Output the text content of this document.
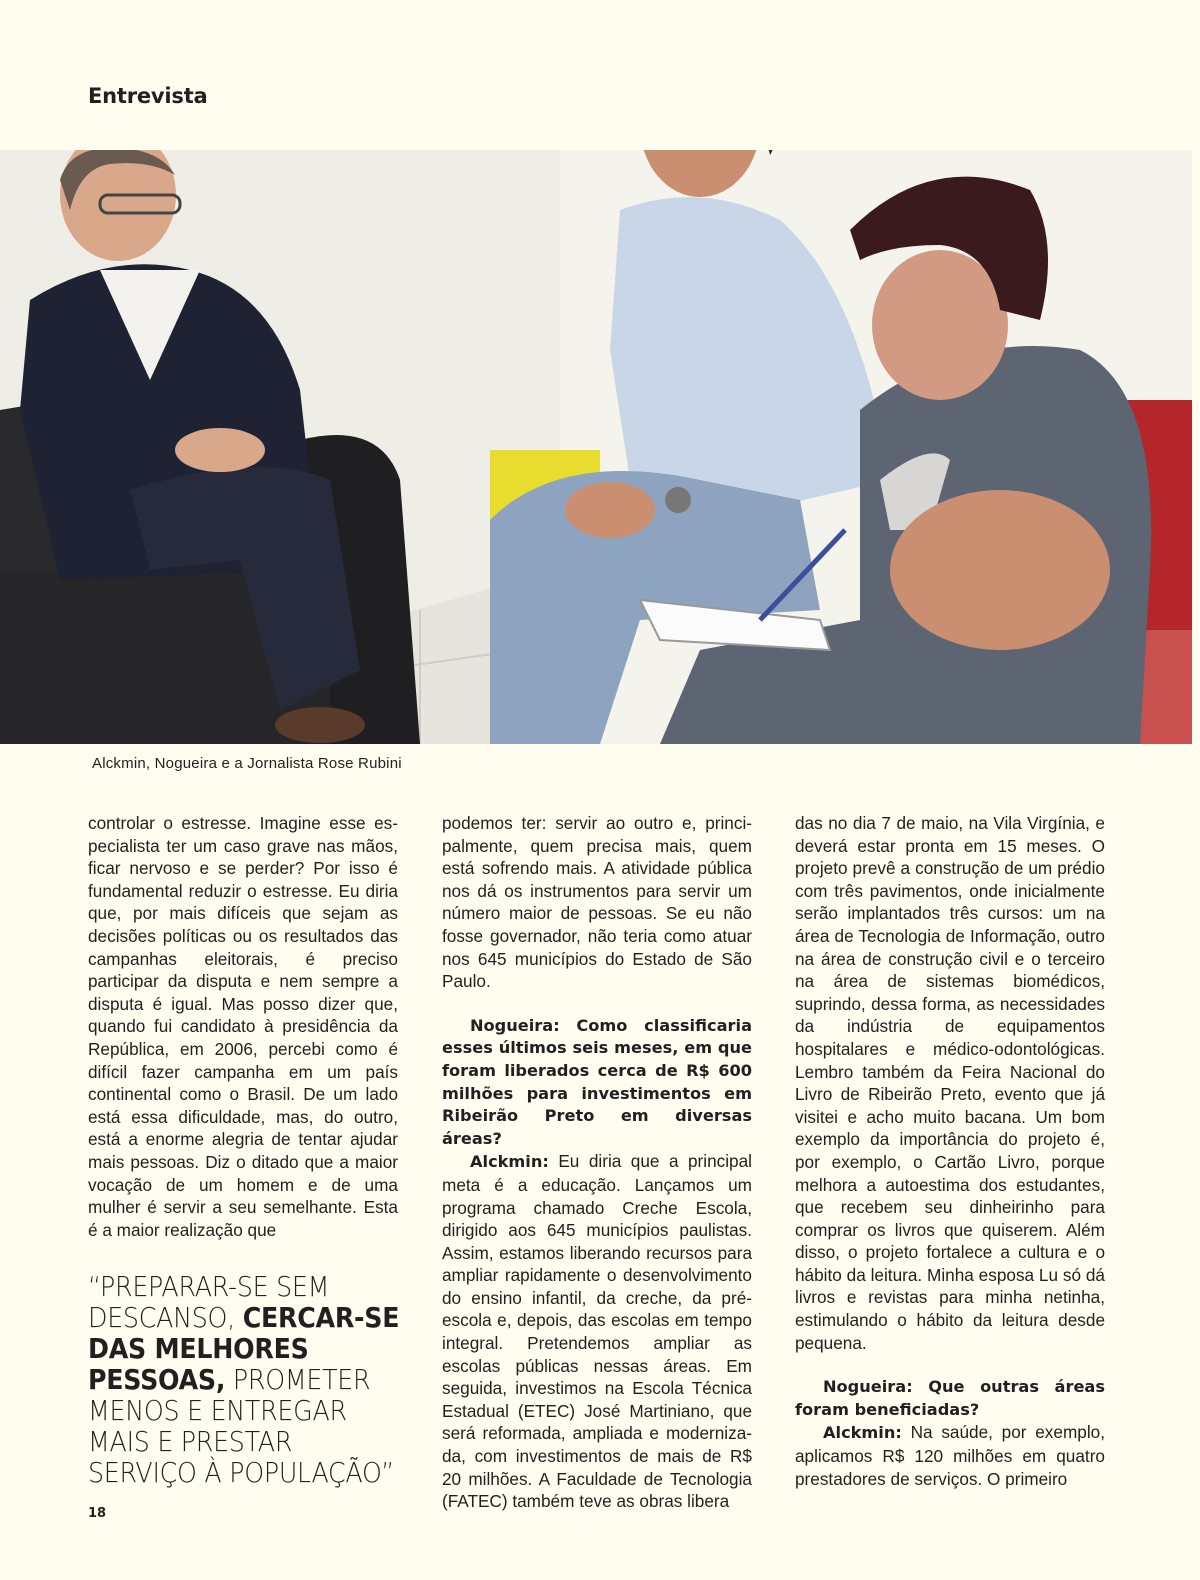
Entrevista
Alckmin, Nogueira e a Jornalista Rose Rubini

controlar o estresse. Imagine esse especialista ter um caso grave nas mãos, ficar nervoso e se perder? Por isso é fundamental reduzir o estresse. Eu diria que, por mais difíceis que sejam as decisões políticas ou os resultados das campanhas eleitorais, é preciso participar da disputa e nem sempre a disputa é igual. Mas posso dizer que, quando fui candidato à presidência da República, em 2006, percebi como é difícil fazer campanha em um país continental como o Brasil. De um lado está essa dificuldade, mas, do outro, está a enorme alegria de tentar ajudar mais pessoas. Diz o ditado que a maior vocação de um homem e de uma mulher é servir a seu semelhante. Esta é a maior realização que

“PREPARAR-SE SEM DESCANSO, CERCAR-SE DAS MELHORES PESSOAS, PROMETER MENOS E ENTREGAR MAIS E PRESTAR SERVIÇO À POPULAÇÃO”

podemos ter: servir ao outro e, principalmente, quem precisa mais, quem está sofrendo mais. A atividade pública nos dá os instrumentos para servir um número maior de pessoas. Se eu não fosse governador, não teria como atuar nos 645 municípios do Estado de São Paulo.

Nogueira: Como classificaria esses últimos seis meses, em que foram liberados cerca de R$ 600 milhões para investimentos em Ribeirão Preto em diversas áreas?

Alckmin: Eu diria que a principal meta é a educação. Lançamos um programa chamado Creche Escola, dirigido aos 645 municípios paulistas. Assim, estamos liberando recursos para ampliar rapidamente o desenvolvimento do ensino infantil, da creche, da pré-escola e, depois, das escolas em tempo integral. Pretendemos ampliar as escolas públicas nessas áreas. Em seguida, investimos na Escola Técnica Estadual (ETEC) José Martiniano, que será reformada, ampliada e modernizada, com investimentos de mais de R$ 20 milhões. A Faculdade de Tecnologia (FATEC) também teve as obras libera

das no dia 7 de maio, na Vila Virgínia, e deverá estar pronta em 15 meses. O projeto prevê a construção de um prédio com três pavimentos, onde inicialmente serão implantados três cursos: um na área de Tecnologia de Informação, outro na área de construção civil e o terceiro na área de sistemas biomédicos, suprindo, dessa forma, as necessidades da indústria de equipamentos hospitalares e médico-odontológicas. Lembro também da Feira Nacional do Livro de Ribeirão Preto, evento que já visitei e acho muito bacana. Um bom exemplo da importância do projeto é, por exemplo, o Cartão Livro, porque melhora a autoestima dos estudantes, que recebem seu dinheirinho para comprar os livros que quiserem. Além disso, o projeto fortalece a cultura e o hábito da leitura. Minha esposa Lu só dá livros e revistas para minha netinha, estimulando o hábito da leitura desde pequena.

Nogueira: Que outras áreas foram beneficiadas?

Alckmin: Na saúde, por exemplo, aplicamos R$ 120 milhões em quatro prestadores de serviços. O primeiro

18
